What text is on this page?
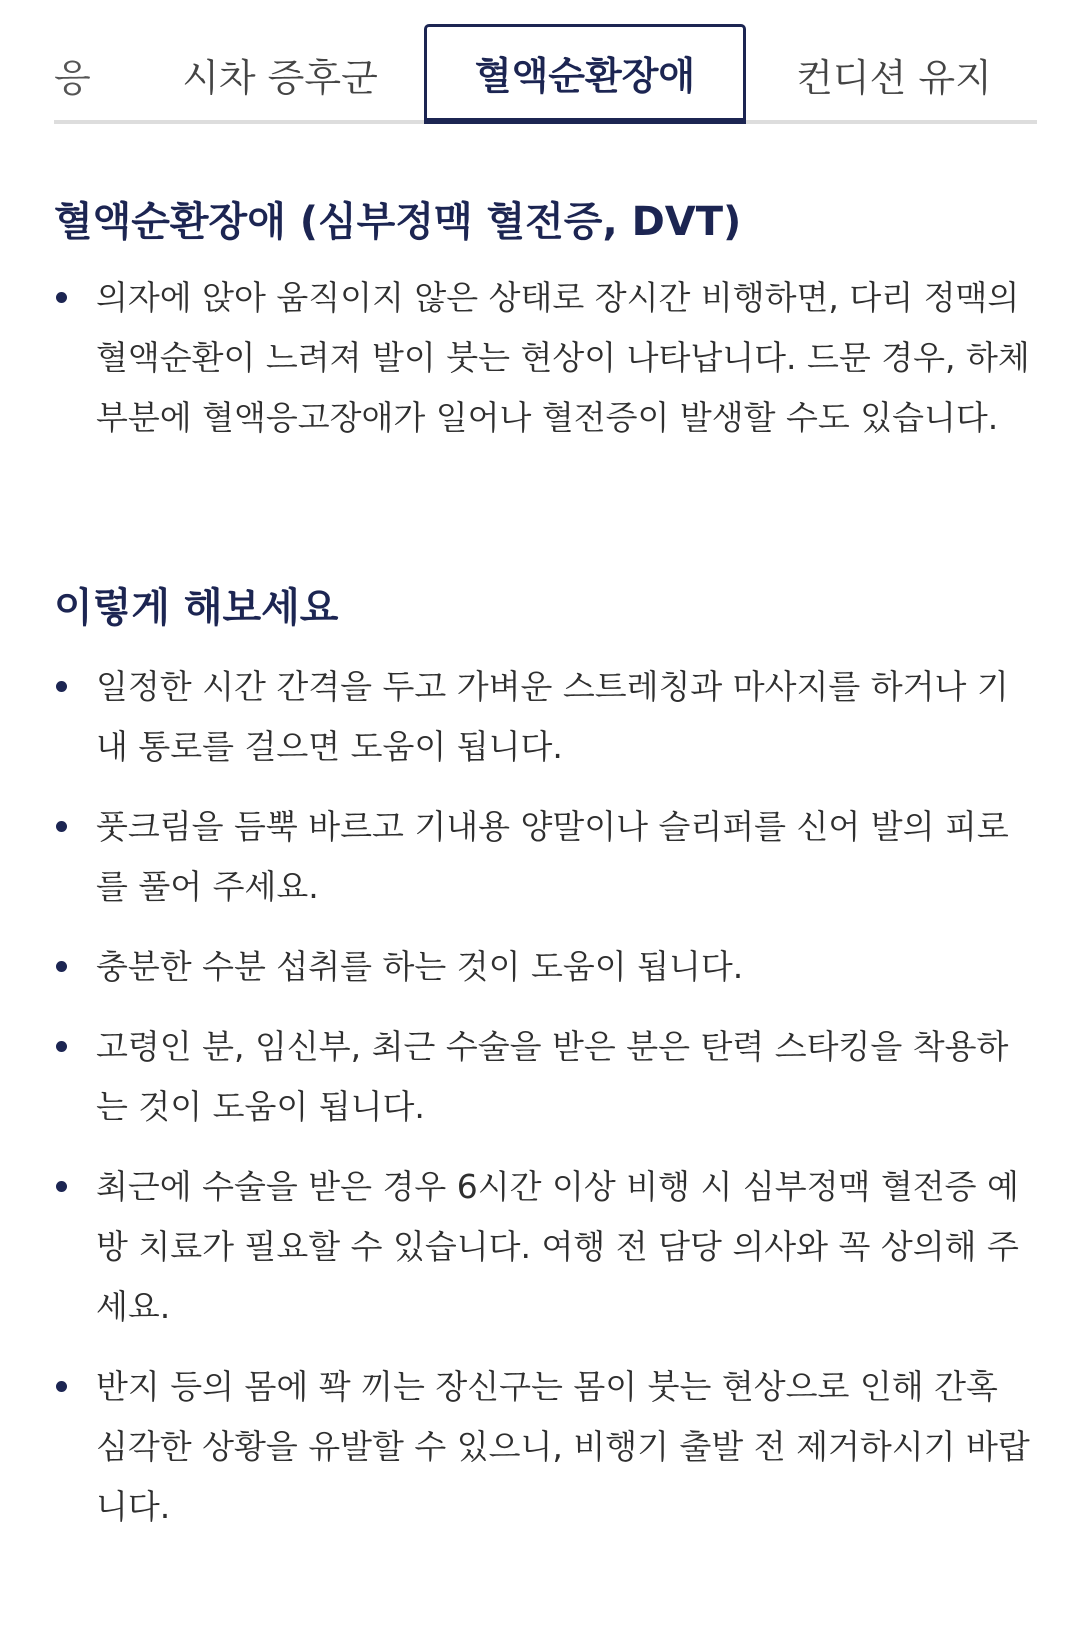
응	시차 증후군	혈액순환장애	컨디션 유지
혈액순환장애 (심부정맥 혈전증, DVT)
의자에 앉아 움직이지 않은 상태로 장시간 비행하면, 다리 정맥의 혈액순환이 느려져 발이 붓는 현상이 나타납니다. 드문 경우, 하체 부분에 혈액응고장애가 일어나 혈전증이 발생할 수도 있습니다.
이렇게 해보세요
일정한 시간 간격을 두고 가벼운 스트레칭과 마사지를 하거나 기내 통로를 걸으면 도움이 됩니다.
풋크림을 듬뿍 바르고 기내용 양말이나 슬리퍼를 신어 발의 피로를 풀어 주세요.
충분한 수분 섭취를 하는 것이 도움이 됩니다.
고령인 분, 임신부, 최근 수술을 받은 분은 탄력 스타킹을 착용하는 것이 도움이 됩니다.
최근에 수술을 받은 경우 6시간 이상 비행 시 심부정맥 혈전증 예방 치료가 필요할 수 있습니다. 여행 전 담당 의사와 꼭 상의해 주세요.
반지 등의 몸에 꽉 끼는 장신구는 몸이 붓는 현상으로 인해 간혹 심각한 상황을 유발할 수 있으니, 비행기 출발 전 제거하시기 바랍니다.
